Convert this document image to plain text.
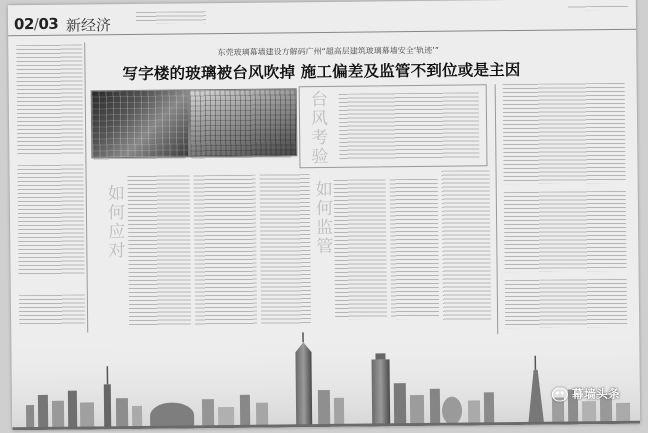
02/03 新经济
东莞玻璃幕墙建设方解码广州“超高层建筑玻璃幕墙安全‘轨迹’”
写字楼的玻璃被台风吹掉 施工偏差及监管不到位或是主因
台风考验
如何应对	如何监管
幕墙头条
